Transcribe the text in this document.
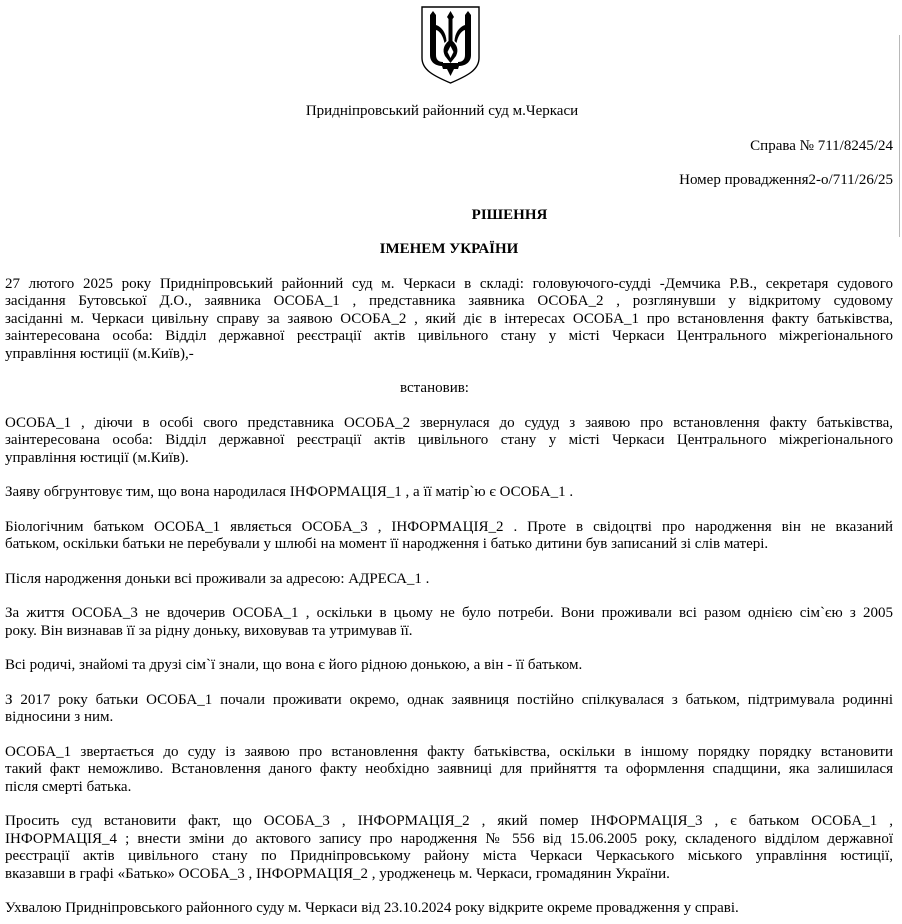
Придніпровський районний суд м.Черкаси
Справа № 711/8245/24
Номер провадження2-о/711/26/25
РІШЕННЯ
ІМЕНЕМ УКРАЇНИ
27 лютого 2025 року Придніпровський районний суд м. Черкаси в складі: головуючого-судді -Демчика Р.В., секретаря судового
засідання Бутовської Д.О., заявника ОСОБА_1 , представника заявника ОСОБА_2 , розглянувши у відкритому судовому
засіданні м. Черкаси цивільну справу за заявою ОСОБА_2 , який діє в інтересах ОСОБА_1 про встановлення факту батьківства,
заінтересована особа: Відділ державної реєстрації актів цивільного стану у місті Черкаси Центрального міжрегіонального
управління юстиції (м.Київ),-
встановив:
ОСОБА_1 , діючи в особі свого представника ОСОБА_2 звернулася до судуд з заявою про встановлення факту батьківства,
заінтересована особа: Відділ державної реєстрації актів цивільного стану у місті Черкаси Центрального міжрегіонального
управління юстиції (м.Київ).
Заяву обгрунтовує тим, що вона народилася ІНФОРМАЦІЯ_1 , а її матір`ю є ОСОБА_1 .
Біологічним батьком ОСОБА_1 являється ОСОБА_3 , ІНФОРМАЦІЯ_2 . Проте в свідоцтві про народження він не вказаний
батьком, оскільки батьки не перебували у шлюбі на момент її народження і батько дитини був записаний зі слів матері.
Після народження доньки всі проживали за адресою: АДРЕСА_1 .
За життя ОСОБА_3 не вдочерив ОСОБА_1 , оскільки в цьому не було потреби. Вони проживали всі разом однією сім`єю з 2005
року. Він визнавав її за рідну доньку, виховував та утримував її.
Всі родичі, знайомі та друзі сім`ї знали, що вона є його рідною донькою, а він - її батьком.
З 2017 року батьки ОСОБА_1 почали проживати окремо, однак заявниця постійно спілкувалася з батьком, підтримувала родинні
відносини з ним.
ОСОБА_1 звертається до суду із заявою про встановлення факту батьківства, оскільки в іншому порядку порядку встановити
такий факт неможливо. Встановлення даного факту необхідно заявниці для прийняття та оформлення спадщини, яка залишилася
після смерті батька.
Просить суд встановити факт, що ОСОБА_3 , ІНФОРМАЦІЯ_2 , який помер ІНФОРМАЦІЯ_3 , є батьком ОСОБА_1 ,
ІНФОРМАЦІЯ_4 ; внести зміни до актового запису про народження № 556 від 15.06.2005 року, складеного відділом державної
реєстрації актів цивільного стану по Придніпровському району міста Черкаси Черкаського міського управління юстиції,
вказавши в графі «Батько» ОСОБА_3 , ІНФОРМАЦІЯ_2 , уродженець м. Черкаси, громадянин України.
Ухвалою Придніпровського районного суду м. Черкаси від 23.10.2024 року відкрите окреме провадження у справі.
